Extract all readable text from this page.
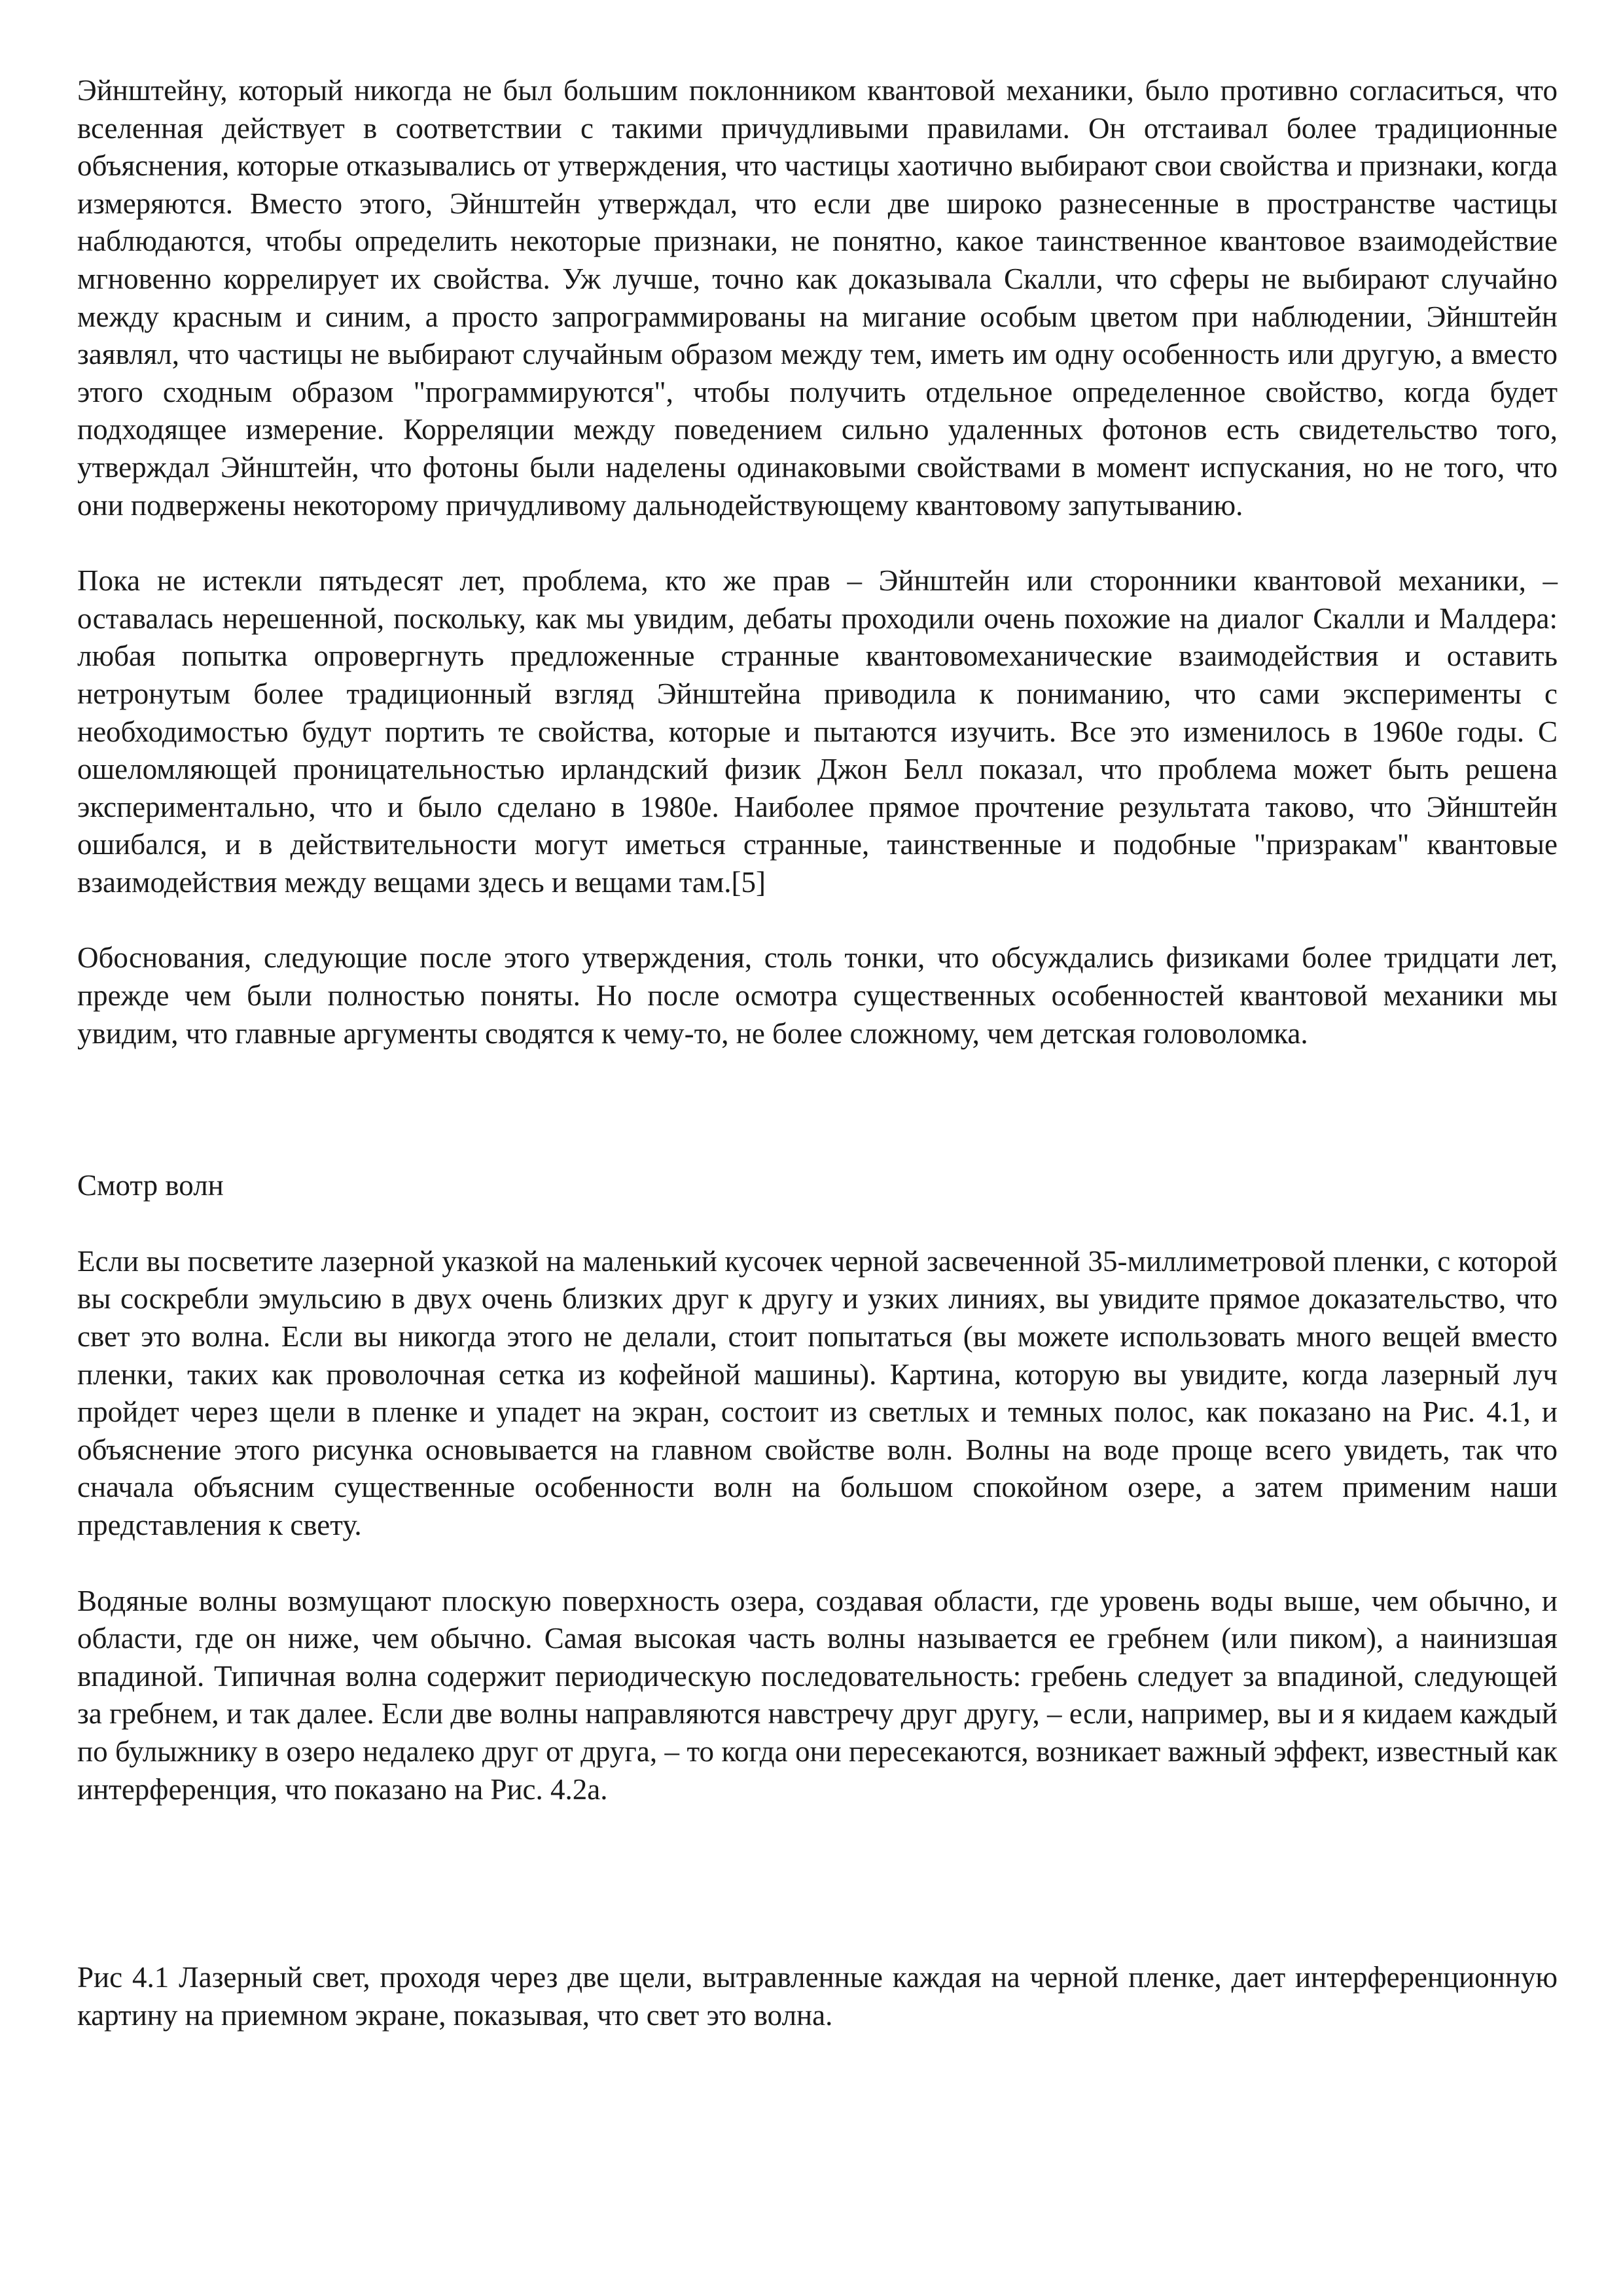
Эйнштейну, который никогда не был большим поклонником квантовой механики, было противно согласиться, что вселенная действует в соответствии с такими причудливыми правилами. Он отстаивал более традиционные объяснения, которые отказывались от утверждения, что частицы хаотично выбирают свои свойства и признаки, когда измеряются. Вместо этого, Эйнштейн утверждал, что если две широко разнесенные в пространстве частицы наблюдаются, чтобы определить некоторые признаки, не понятно, какое таинственное квантовое взаимодействие мгновенно коррелирует их свойства. Уж лучше, точно как доказывала Скалли, что сферы не выбирают случайно между красным и синим, а просто запрограммированы на мигание особым цветом при наблюдении, Эйнштейн заявлял, что частицы не выбирают случайным образом между тем, иметь им одну особенность или другую, а вместо этого сходным образом "программируются", чтобы получить отдельное определенное свойство, когда будет подходящее измерение. Корреляции между поведением сильно удаленных фотонов есть свидетельство того, утверждал Эйнштейн, что фотоны были наделены одинаковыми свойствами в момент испускания, но не того, что они подвержены некоторому причудливому дальнодействующему квантовому запутыванию.

Пока не истекли пятьдесят лет, проблема, кто же прав – Эйнштейн или сторонники квантовой механики, – оставалась нерешенной, поскольку, как мы увидим, дебаты проходили очень похожие на диалог Скалли и Малдера: любая попытка опровергнуть предложенные странные квантовомеханические взаимодействия и оставить нетронутым более традиционный взгляд Эйнштейна приводила к пониманию, что сами эксперименты с необходимостью будут портить те свойства, которые и пытаются изучить. Все это изменилось в 1960е годы. С ошеломляющей проницательностью ирландский физик Джон Белл показал, что проблема может быть решена экспериментально, что и было сделано в 1980е. Наиболее прямое прочтение результата таково, что Эйнштейн ошибался, и в действительности могут иметься странные, таинственные и подобные "призракам" квантовые взаимодействия между вещами здесь и вещами там.[5]

Обоснования, следующие после этого утверждения, столь тонки, что обсуждались физиками более тридцати лет, прежде чем были полностью поняты. Но после осмотра существенных особенностей квантовой механики мы увидим, что главные аргументы сводятся к чему-то, не более сложному, чем детская головоломка.

Смотр волн

Если вы посветите лазерной указкой на маленький кусочек черной засвеченной 35-миллиметровой пленки, с которой вы соскребли эмульсию в двух очень близких друг к другу и узких линиях, вы увидите прямое доказательство, что свет это волна. Если вы никогда этого не делали, стоит попытаться (вы можете использовать много вещей вместо пленки, таких как проволочная сетка из кофейной машины). Картина, которую вы увидите, когда лазерный луч пройдет через щели в пленке и упадет на экран, состоит из светлых и темных полос, как показано на Рис. 4.1, и объяснение этого рисунка основывается на главном свойстве волн. Волны на воде проще всего увидеть, так что сначала объясним существенные особенности волн на большом спокойном озере, а затем применим наши представления к свету.

Водяные волны возмущают плоскую поверхность озера, создавая области, где уровень воды выше, чем обычно, и области, где он ниже, чем обычно. Самая высокая часть волны называется ее гребнем (или пиком), а наинизшая впадиной. Типичная волна содержит периодическую последовательность: гребень следует за впадиной, следующей за гребнем, и так далее. Если две волны направляются навстречу друг другу, – если, например, вы и я кидаем каждый по булыжнику в озеро недалеко друг от друга, – то когда они пересекаются, возникает важный эффект, известный как интерференция, что показано на Рис. 4.2а.

Рис 4.1 Лазерный свет, проходя через две щели, вытравленные каждая на черной пленке, дает интерференционную картину на приемном экране, показывая, что свет это волна.
